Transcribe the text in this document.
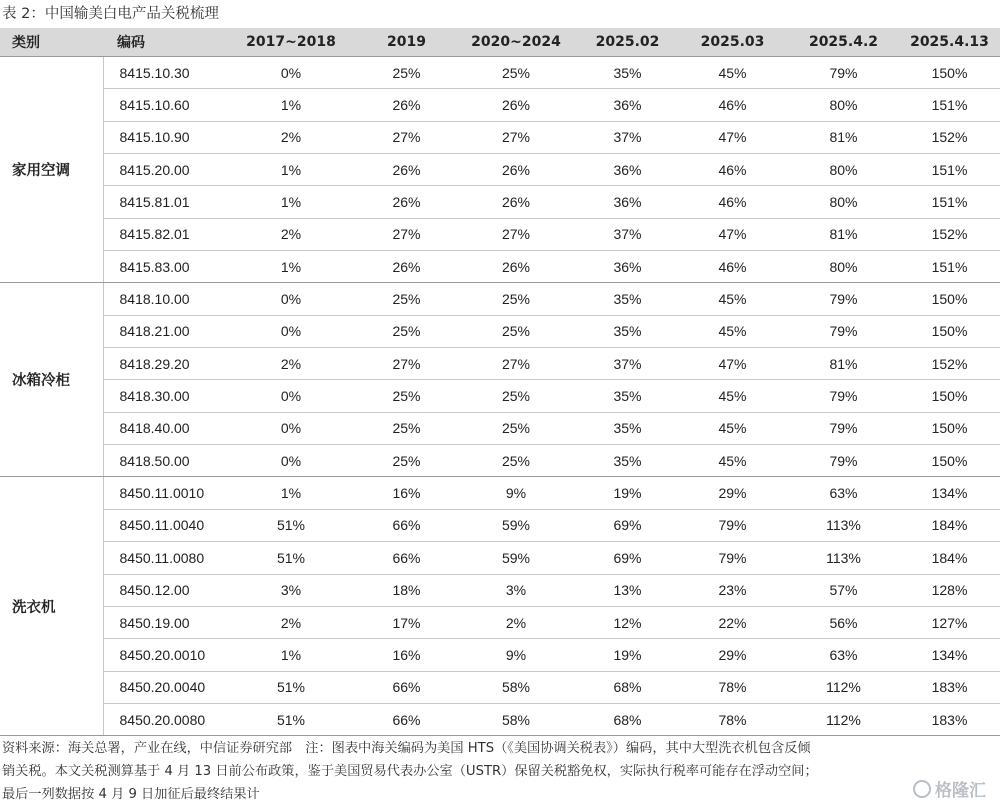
表 2：中国输美白电产品关税梳理
类别	编码	2017~2018	2019	2020~2024	2025.02	2025.03	2025.4.2	2025.4.13
家用空调	8415.10.30	0%	25%	25%	35%	45%	79%	150%
	8415.10.60	1%	26%	26%	36%	46%	80%	151%
	8415.10.90	2%	27%	27%	37%	47%	81%	152%
	8415.20.00	1%	26%	26%	36%	46%	80%	151%
	8415.81.01	1%	26%	26%	36%	46%	80%	151%
	8415.82.01	2%	27%	27%	37%	47%	81%	152%
	8415.83.00	1%	26%	26%	36%	46%	80%	151%
冰箱冷柜	8418.10.00	0%	25%	25%	35%	45%	79%	150%
	8418.21.00	0%	25%	25%	35%	45%	79%	150%
	8418.29.20	2%	27%	27%	37%	47%	81%	152%
	8418.30.00	0%	25%	25%	35%	45%	79%	150%
	8418.40.00	0%	25%	25%	35%	45%	79%	150%
	8418.50.00	0%	25%	25%	35%	45%	79%	150%
洗衣机	8450.11.0010	1%	16%	9%	19%	29%	63%	134%
	8450.11.0040	51%	66%	59%	69%	79%	113%	184%
	8450.11.0080	51%	66%	59%	69%	79%	113%	184%
	8450.12.00	3%	18%	3%	13%	23%	57%	128%
	8450.19.00	2%	17%	2%	12%	22%	56%	127%
	8450.20.0010	1%	16%	9%	19%	29%	63%	134%
	8450.20.0040	51%	66%	58%	68%	78%	112%	183%
	8450.20.0080	51%	66%	58%	68%	78%	112%	183%

资料来源：海关总署，产业在线，中信证券研究部　注：图表中海关编码为美国 HTS（《美国协调关税表》）编码，其中大型洗衣机包含反倾

销关税。本文关税测算基于 4 月 13 日前公布政策，鉴于美国贸易代表办公室（USTR）保留关税豁免权，实际执行税率可能存在浮动空间；

最后一列数据按 4 月 9 日加征后最终结果计	格隆汇
